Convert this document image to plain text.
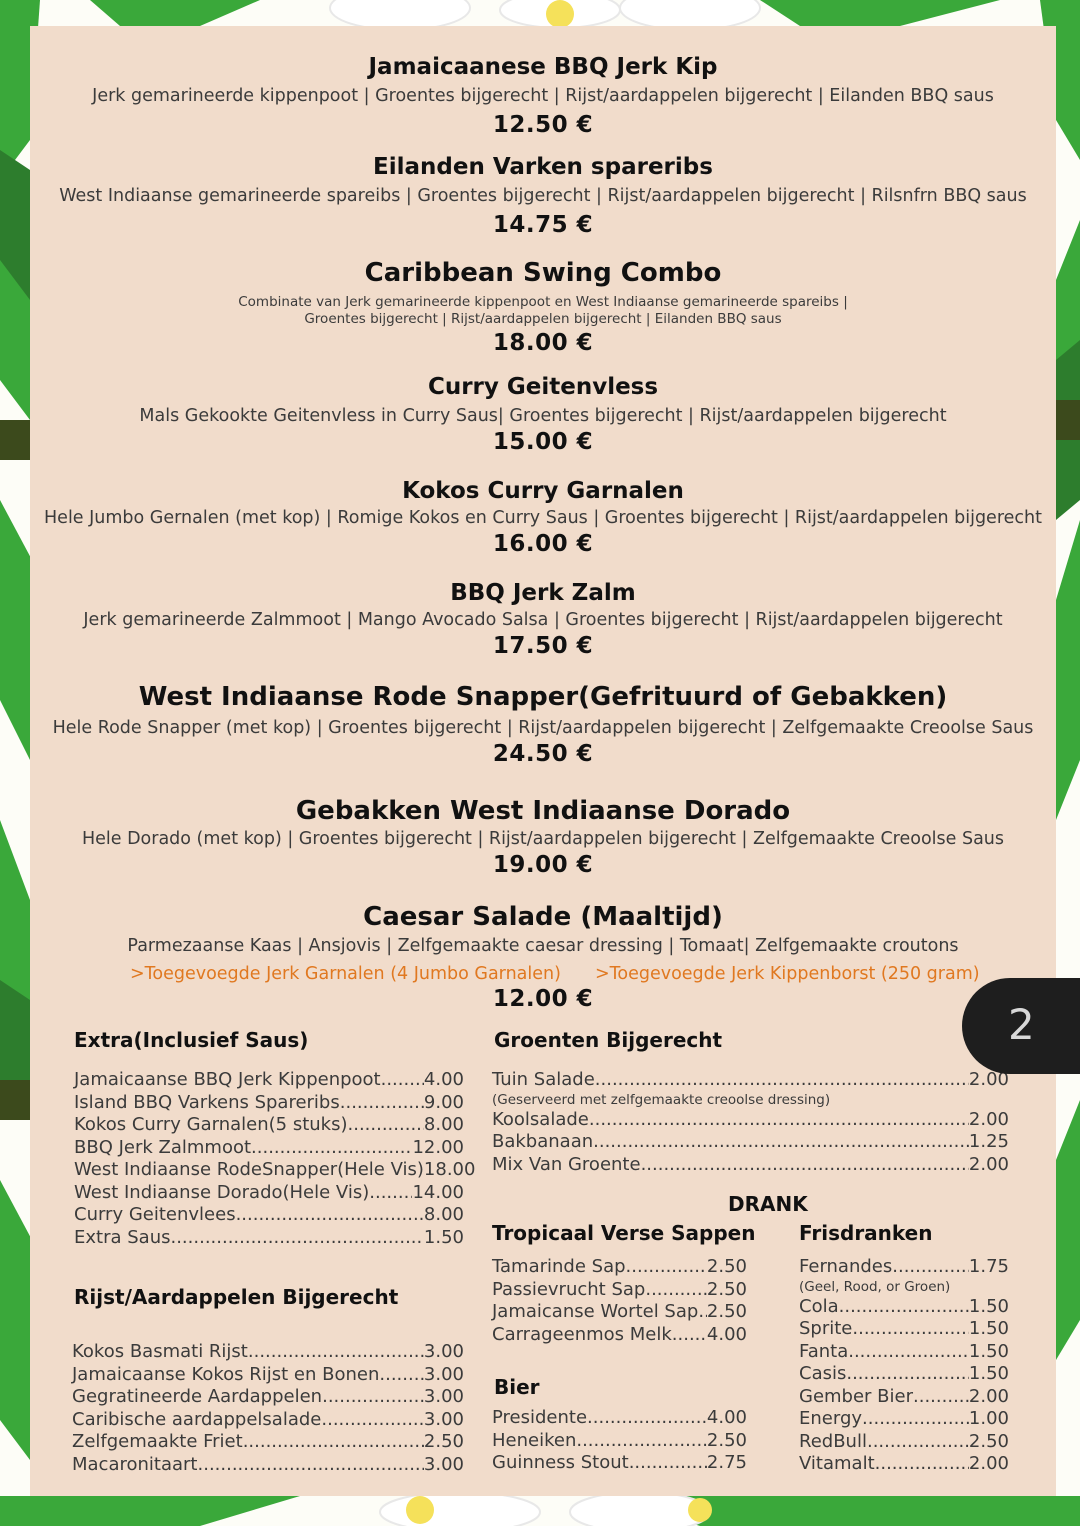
Jamaicaanese BBQ Jerk Kip
Jerk gemarineerde kippenpoot | Groentes bijgerecht | Rijst/aardappelen bijgerecht | Eilanden BBQ saus
12.50 €
Eilanden Varken spareribs
West Indiaanse gemarineerde spareibs | Groentes bijgerecht | Rijst/aardappelen bijgerecht | Rilsnfrn BBQ saus
14.75 €
Caribbean Swing Combo
Combinate van Jerk gemarineerde kippenpoot en West Indiaanse gemarineerde spareibs |
Groentes bijgerecht | Rijst/aardappelen bijgerecht | Eilanden BBQ saus
18.00 €
Curry Geitenvless
Mals Gekookte Geitenvless in Curry Saus| Groentes bijgerecht | Rijst/aardappelen bijgerecht
15.00 €
Kokos Curry Garnalen
Hele Jumbo Gernalen (met kop) | Romige Kokos en Curry Saus | Groentes bijgerecht | Rijst/aardappelen bijgerecht
16.00 €
BBQ Jerk Zalm
Jerk gemarineerde Zalmmoot | Mango Avocado Salsa | Groentes bijgerecht | Rijst/aardappelen bijgerecht
17.50 €
West Indiaanse Rode Snapper(Gefrituurd of Gebakken)
Hele Rode Snapper (met kop) | Groentes bijgerecht | Rijst/aardappelen bijgerecht | Zelfgemaakte Creoolse Saus
24.50 €
Gebakken West Indiaanse Dorado
Hele Dorado (met kop) | Groentes bijgerecht | Rijst/aardappelen bijgerecht | Zelfgemaakte Creoolse Saus
19.00 €
Caesar Salade (Maaltijd)
Parmezaanse Kaas | Ansjovis | Zelfgemaakte caesar dressing | Tomaat| Zelfgemaakte croutons
>Toegevoegde Jerk Garnalen (4 Jumbo Garnalen) >Toegevoegde Jerk Kippenborst (250 gram)
12.00 €
Extra(Inclusief Saus)
Jamaicaanse BBQ Jerk Kippenpoot ..... 4.00
Island BBQ Varkens Spareribs .....	9.00
Kokos Curry Garnalen(5 stuks) .....	8.00
BBQ Jerk Zalmmoot .....	12.00
West Indiaanse RodeSnapper(Hele Vis) 18.00
West Indiaanse Dorado(Hele Vis) ..... 14.00
Curry Geitenvlees .....	8.00
Extra Saus .....	1.50
Rijst/Aardappelen Bijgerecht
Kokos Basmati Rijst .....	3.00
Jamaicaanse Kokos Rijst en Bonen ..... 3.00
Gegratineerde Aardappelen .....	3.00
Caribische aardappelsalade .....	3.00
Zelfgemaakte Friet .....	2.50
Macaronitaart .....	3.00
Groenten Bijgerecht
Tuin Salade .....	2.00
(Geserveerd met zelfgemaakte creoolse dressing)
Koolsalade .....	2.00
Bakbanaan .....	1.25
Mix Van Groente .....	2.00
DRANK
Tropicaal Verse Sappen
Tamarinde Sap .....	2.50
Passievrucht Sap .....	2.50
Jamaicanse Wortel Sap ..... 2.50
Carrageenmos Melk ..... 4.00
Bier
Presidente .....	4.00
Heneiken .....	2.50
Guinness Stout .....	2.75
Frisdranken
Fernandes .....	1.75
(Geel, Rood, or Groen)
Cola .....	1.50
Sprite .....	1.50
Fanta .....	1.50
Casis .....	1.50
Gember Bier .....	2.00
Energy .....	1.00
RedBull .....	2.50
Vitamalt .....	2.00
2
